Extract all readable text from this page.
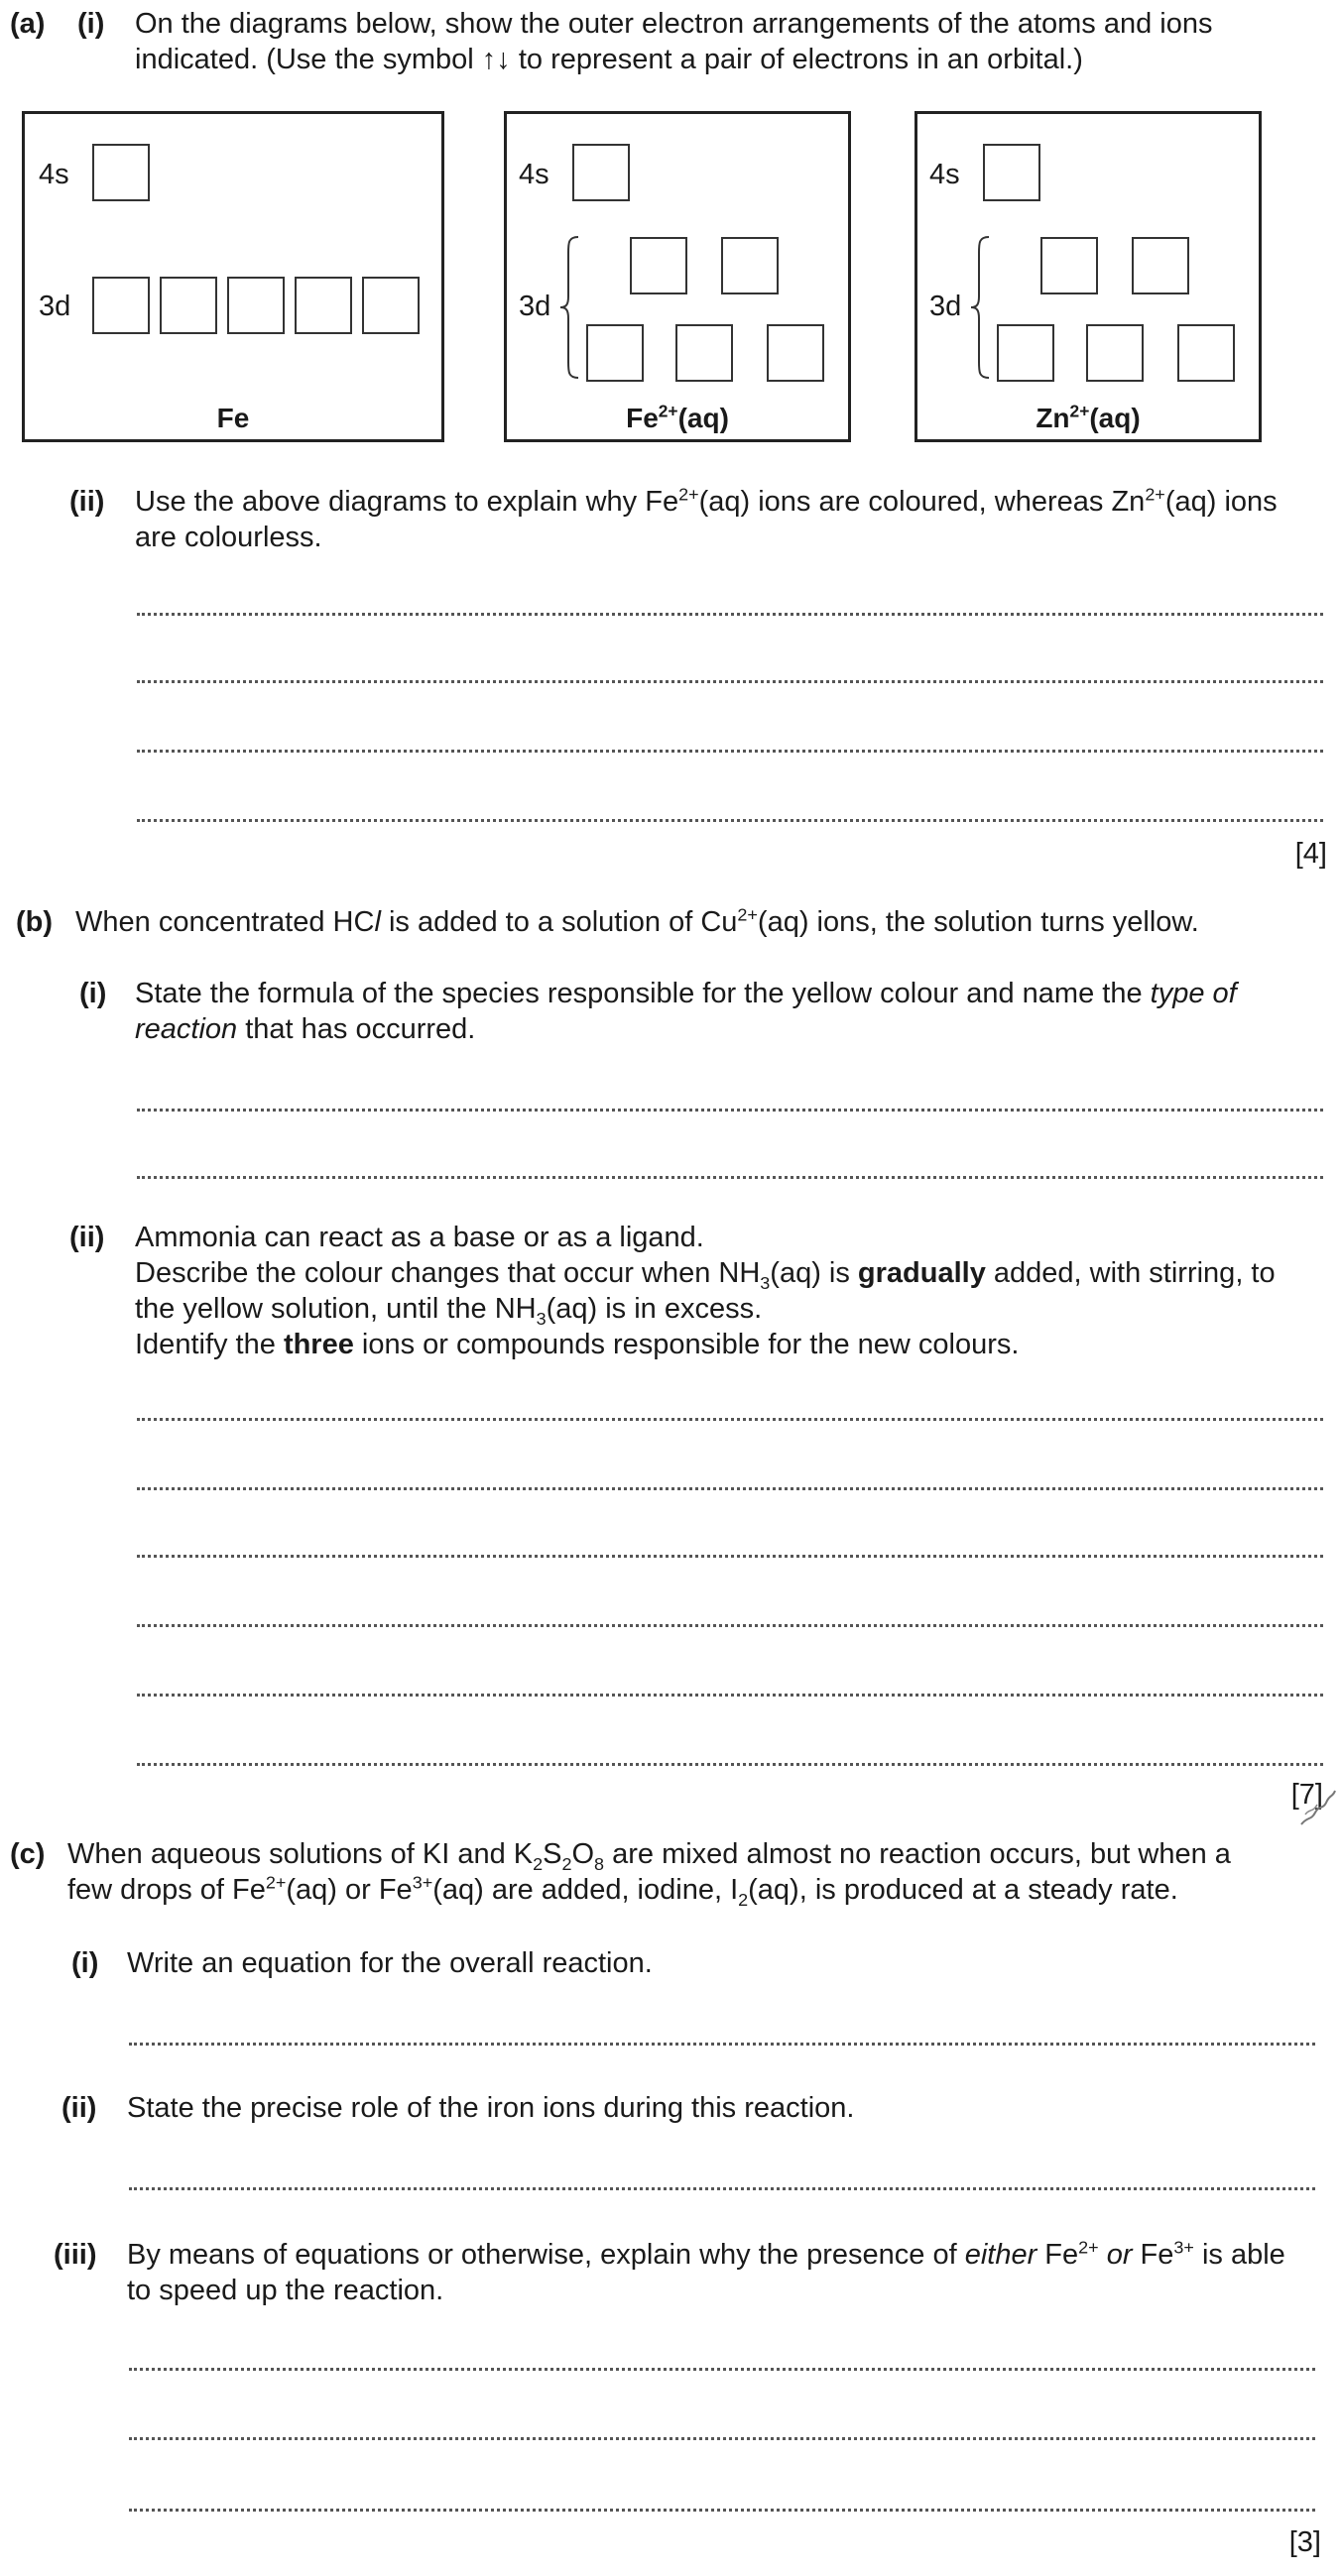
(a) (i) On the diagrams below, show the outer electron arrangements of the atoms and ions
indicated. (Use the symbol ↑↓ to represent a pair of electrons in an orbital.)
4s
3d
Fe
4s
3d
$Fe^{2+}(aq)$
4s
3d
$Zn^{2+}(aq)$
(ii) Use the above diagrams to explain why $Fe^{2+}(aq)$ ions are coloured, whereas $Zn^{2+}(aq)$ ions
are colourless.
[4]
(b) When concentrated HCl is added to a solution of $Cu^{2+}(aq)$ ions, the solution turns yellow.
(i) State the formula of the species responsible for the yellow colour and name the type of
reaction that has occurred.
(ii) Ammonia can react as a base or as a ligand.
Describe the colour changes that occur when $NH_3(aq)$ is gradually added, with stirring, to
the yellow solution, until the $NH_3(aq)$ is in excess.
Identify the three ions or compounds responsible for the new colours.
[7]
(c) When aqueous solutions of KI and $K_2S_2O_8$ are mixed almost no reaction occurs, but when a
few drops of $Fe^{2+}(aq)$ or $Fe^{3+}(aq)$ are added, iodine, $I_2(aq)$, is produced at a steady rate.
(i) Write an equation for the overall reaction.
(ii) State the precise role of the iron ions during this reaction.
(iii) By means of equations or otherwise, explain why the presence of either $Fe^{2+}$ or $Fe^{3+}$ is able
to speed up the reaction.
[3]
